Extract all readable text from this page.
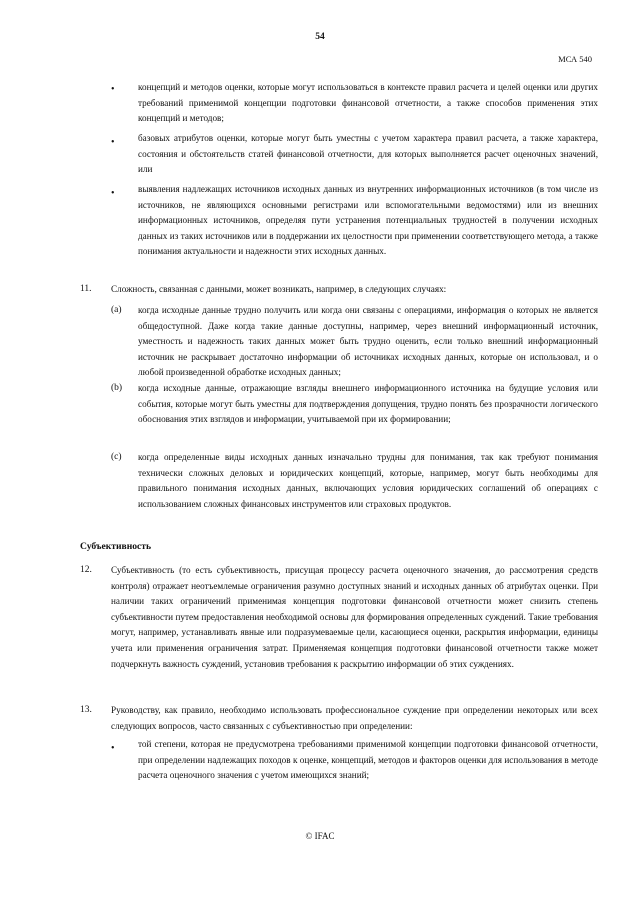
54
МСА 540
•	концепций и методов оценки, которые могут использоваться в контексте правил расчета и целей оценки или других требований применимой концепции подготовки финансовой отчетности, а также способов применения этих концепций и методов;

•	базовых атрибутов оценки, которые могут быть уместны с учетом характера правил расчета, а также характера, состояния и обстоятельств статей финансовой отчетности, для которых выполняется расчет оценочных значений, или

•	выявления надлежащих источников исходных данных из внутренних информационных источников (в том числе из источников, не являющихся основными регистрами или вспомогательными ведомостями) или из внешних информационных источников, определяя пути устранения потенциальных трудностей в получении исходных данных из таких источников или в поддержании их целостности при применении соответствующего метода, а также понимания актуальности и надежности этих исходных данных.

11. Сложность, связанная с данными, может возникать, например, в следующих случаях:

(a) когда исходные данные трудно получить или когда они связаны с операциями, информация о которых не является общедоступной. Даже когда такие данные доступны, например, через внешний информационный источник, уместность и надежность таких данных может быть трудно оценить, если только внешний информационный источник не раскрывает достаточно информации об источниках исходных данных, которые он использовал, и о любой произведенной обработке исходных данных;

(b) когда исходные данные, отражающие взгляды внешнего информационного источника на будущие условия или события, которые могут быть уместны для подтверждения допущения, трудно понять без прозрачности логического обоснования этих взглядов и информации, учитываемой при их формировании;

(c) когда определенные виды исходных данных изначально трудны для понимания, так как требуют понимания технически сложных деловых и юридических концепций, которые, например, могут быть необходимы для правильного понимания исходных данных, включающих условия юридических соглашений об операциях с использованием сложных финансовых инструментов или страховых продуктов.

Субъективность
12. Субъективность (то есть субъективность, присущая процессу расчета оценочного значения, до рассмотрения средств контроля) отражает неотъемлемые ограничения разумно доступных знаний и исходных данных об атрибутах оценки. При наличии таких ограничений применимая концепция подготовки финансовой отчетности может снизить степень субъективности путем предоставления необходимой основы для формирования определенных суждений. Такие требования могут, например, устанавливать явные или подразумеваемые цели, касающиеся оценки, раскрытия информации, единицы учета или применения ограничения затрат. Применяемая концепция подготовки финансовой отчетности также может подчеркнуть важность суждений, установив требования к раскрытию информации об этих суждениях.

13. Руководству, как правило, необходимо использовать профессиональное суждение при определении некоторых или всех следующих вопросов, часто связанных с субъективностью при определении:

•	той степени, которая не предусмотрена требованиями применимой концепции подготовки финансовой отчетности, при определении надлежащих походов к оценке, концепций, методов и факторов оценки для использования в методе расчета оценочного значения с учетом имеющихся знаний;

© IFAC
